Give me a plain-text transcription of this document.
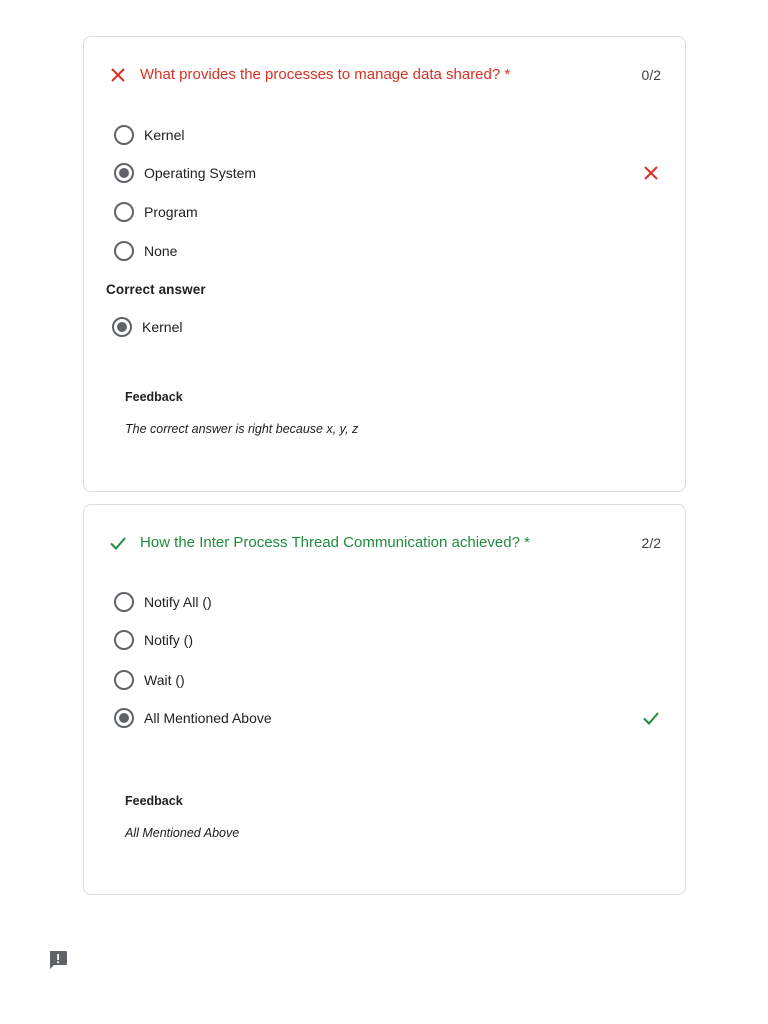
What provides the processes to manage data shared? *	0/2
Kernel
Operating System
Program
None
Correct answer
Kernel
Feedback
The correct answer is right because x, y, z
How the Inter Process Thread Communication achieved? *	2/2
Notify All ()
Notify ()
Wait ()
All Mentioned Above
Feedback
All Mentioned Above
